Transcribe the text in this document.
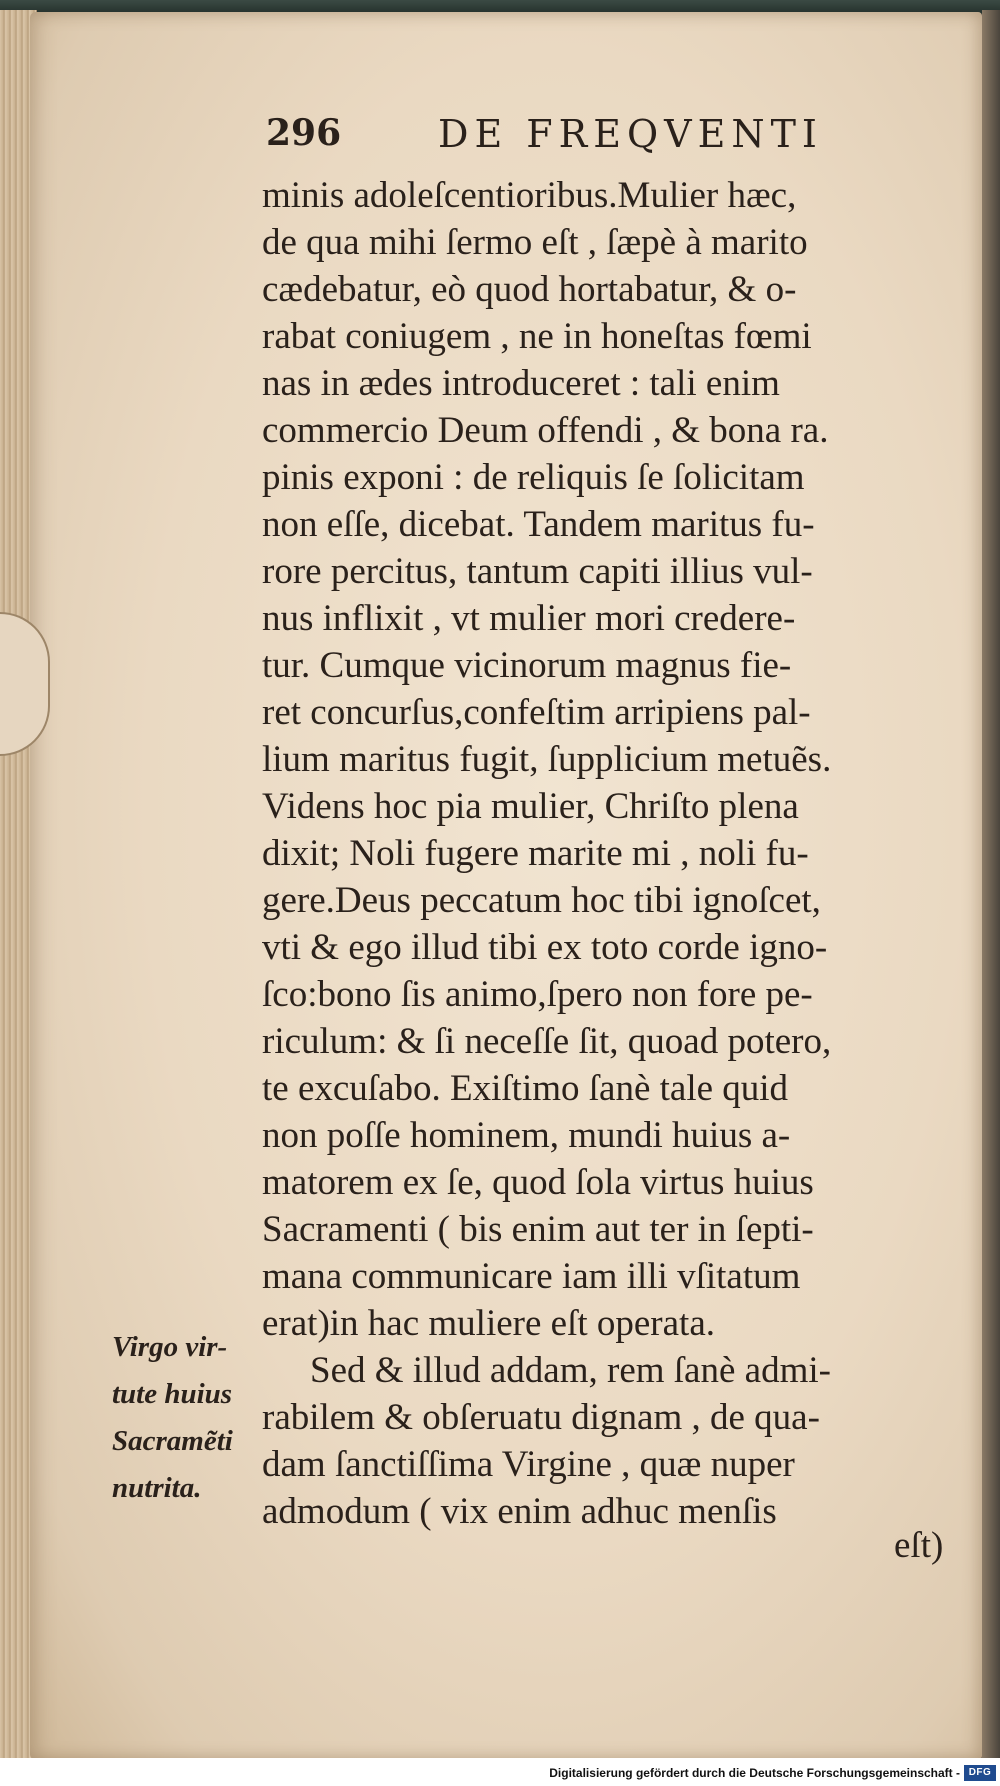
296	DE FREQVENTI
minis adoleſcentioribus.Mulier hæc,
de qua mihi ſermo eſt , ſæpè à marito
cædebatur, eò quod hortabatur, & o-
rabat coniugem , ne in honeſtas fœmi
nas in ædes introduceret : tali enim
commercio Deum offendi , & bona ra.
pinis exponi : de reliquis ſe ſolicitam
non eſſe, dicebat. Tandem maritus fu-
rore percitus, tantum capiti illius vul-
nus inflixit , vt mulier mori credere-
tur. Cumque vicinorum magnus fie-
ret concurſus,confeſtim arripiens pal-
lium maritus fugit, ſupplicium metuẽs.
Videns hoc pia mulier, Chriſto plena
dixit; Noli fugere marite mi , noli fu-
gere.Deus peccatum hoc tibi ignoſcet,
vti & ego illud tibi ex toto corde igno-
ſco:bono ſis animo,ſpero non fore pe-
riculum: & ſi neceſſe ſit, quoad potero,
te excuſabo. Exiſtimo ſanè tale quid
non poſſe hominem, mundi huius a-
matorem ex ſe, quod ſola virtus huius
Sacramenti ( bis enim aut ter in ſepti-
mana communicare iam illi vſitatum
erat)in hac muliere eſt operata.
Sed & illud addam, rem ſanè admi-
rabilem & obſeruatu dignam , de qua-
dam ſanctiſſima Virgine , quæ nuper
admodum ( vix enim adhuc menſis
Virgo vir-
tute huius
Sacramẽti
nutrita.
eſt)
Digitalisierung gefördert durch die Deutsche Forschungsgemeinschaft - DFG
